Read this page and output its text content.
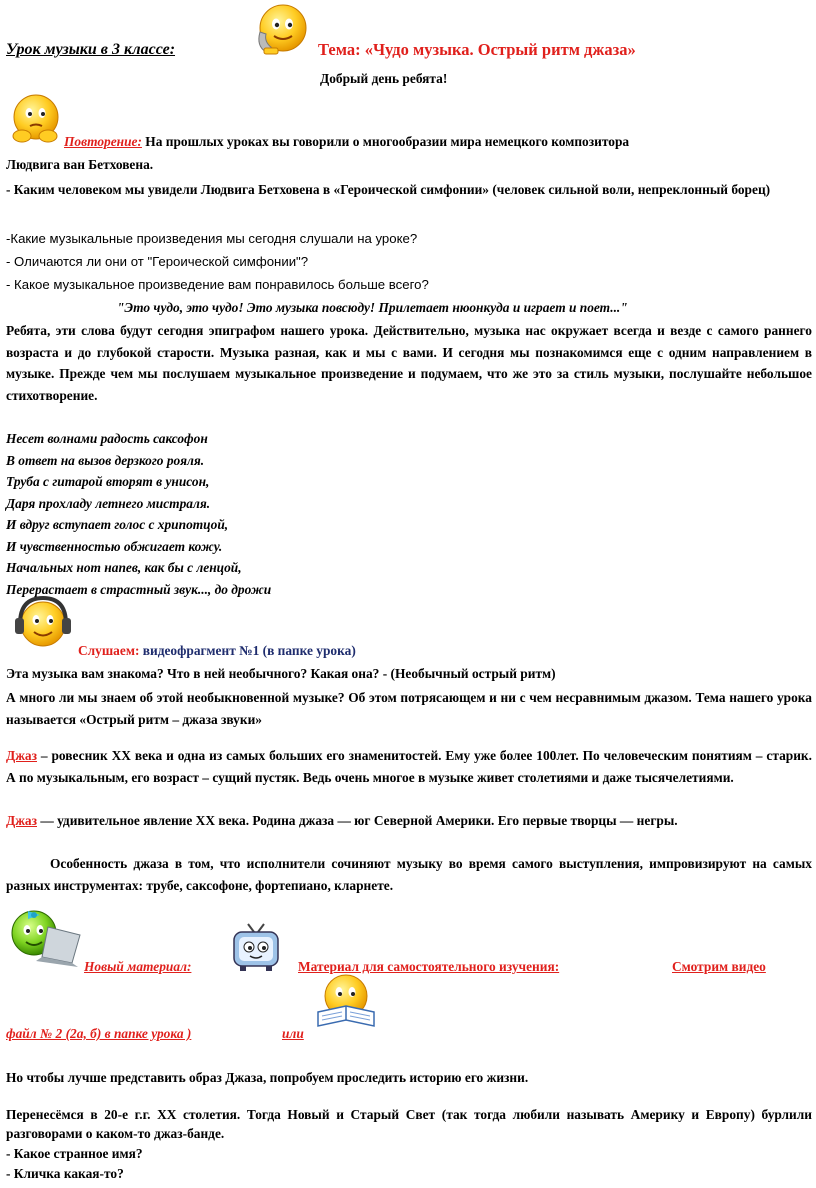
Урок музыки в 3 классе:	Тема: «Чудо музыка. Острый ритм джаза»
Добрый день ребята!
Повторение: На прошлых уроках вы говорили о многообразии мира немецкого композитора
Людвига ван Бетховена.
- Каким человеком мы увидели Людвига Бетховена в «Героической симфонии» (человек сильной воли, непреклонный борец)
-Какие музыкальные произведения мы сегодня слушали на уроке?
- Оличаются ли они от "Героической симфонии"?
- Какое музыкальное произведение вам понравилось больше всего?
"Это чудо, это чудо! Это музыка повсюду! Прилетает нюонкуда и играет и поет..."
Ребята, эти слова будут сегодня эпиграфом нашего урока. Действительно, музыка нас окружает всегда и везде с самого раннего возраста и до глубокой старости. Музыка разная, как и мы с вами. И сегодня мы познакомимся еще с одним направлением в музыке. Прежде чем мы послушаем музыкальное произведение и подумаем, что же это за стиль музыки, послушайте небольшое стихотворение.
Несет волнами радость саксофон
В ответ на вызов дерзкого рояля.
Труба с гитарой вторят в унисон,
Даря прохладу летнего мистраля.
И вдруг вступает голос с хрипотцой,
И чувственностью обжигает кожу.
Начальных нот напев, как бы с ленцой,
Перерастает в страстный звук..., до дрожи
Слушаем: видеофрагмент №1 (в папке урока)
Эта музыка вам знакома? Что в ней необычного? Какая она? - (Необычный острый ритм)
А много ли мы знаем об этой необыкновенной музыке? Об этом потрясающем и ни с чем несравнимым джазом. Тема нашего урока называется «Острый ритм – джаза звуки»
Джаз – ровесник XX века и одна из самых больших его знаменитостей. Ему уже более 100лет. По человеческим понятиям – старик. А по музыкальным, его возраст – сущий пустяк. Ведь очень многое в музыке живет столетиями и даже тысячелетиями.
Джаз — удивительное явление XX века. Родина джаза — юг Северной Америки. Его первые творцы — негры.
Особенность джаза в том, что исполнители сочиняют музыку во время самого выступления, импровизируют на самых разных инструментах: трубе, саксофоне, фортепиано, кларнете.
Новый материал:	Материал для самостоятельного изучения:	Смотрим видео
файл № 2 (2а, б) в папке урока )	или
Но чтобы лучше представить образ Джаза, попробуем проследить историю его жизни.
Перенесёмся в 20-е г.г. XX столетия. Тогда Новый и Старый Свет (так тогда любили называть Америку и Европу) бурлили разговорами о каком-то джаз-банде.
- Какое странное имя?
- Кличка какая-то?
